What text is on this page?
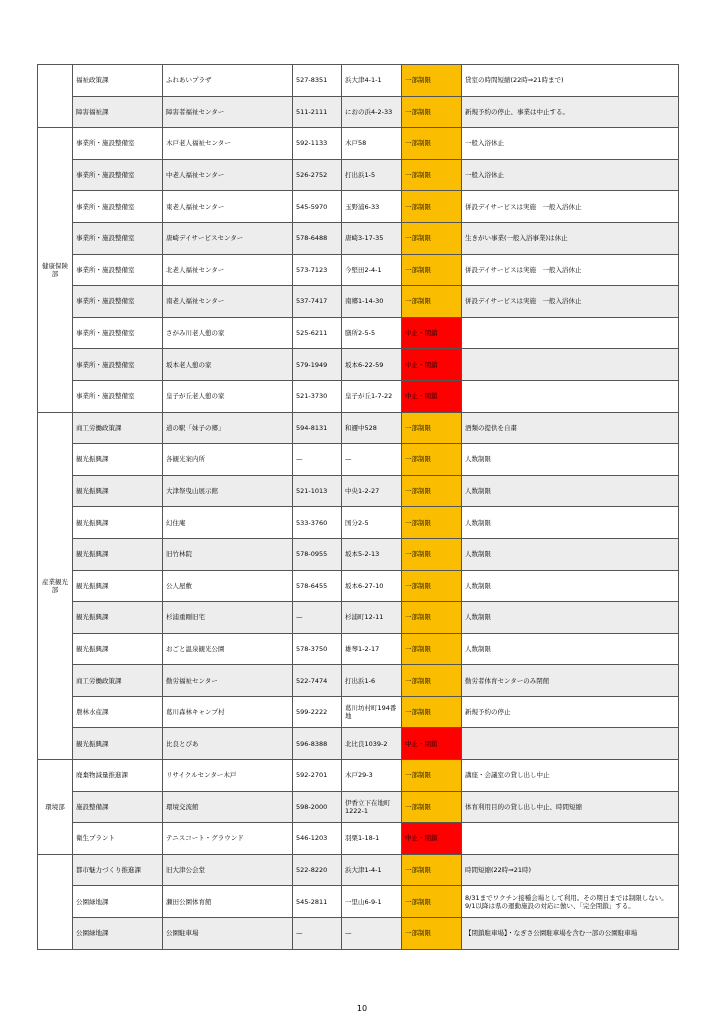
	福祉政策課	ふれあいプラザ	527-8351	浜大津4-1-1	一部制限	貸室の時間短縮(22時⇒21時まで)
	障害福祉課	障害者福祉センター	511-2111	におの浜4-2-33	一部制限	新規予約の停止、事業は中止する。
健康保険部	事業所・施設整備室	木戸老人福祉センター	592-1133	木戸58	一部制限	一般入浴休止
	事業所・施設整備室	中老人福祉センター	526-2752	打出浜1-5	一部制限	一般入浴休止
	事業所・施設整備室	東老人福祉センター	545-5970	玉野浦6-33	一部制限	併設デイサービスは実施　一般入浴休止
	事業所・施設整備室	唐崎デイサービスセンター	578-6488	唐崎3-17-35	一部制限	生きがい事業(一般入浴事業)は休止
	事業所・施設整備室	北老人福祉センター	573-7123	今堅田2-4-1	一部制限	併設デイサービスは実施　一般入浴休止
	事業所・施設整備室	南老人福祉センター	537-7417	南郷1-14-30	一部制限	併設デイサービスは実施　一般入浴休止
	事業所・施設整備室	さがみ川老人憩の家	525-6211	膳所2-5-5	中止・閉鎖	
	事業所・施設整備室	坂本老人憩の家	579-1949	坂本6-22-59	中止・閉鎖	
	事業所・施設整備室	皇子が丘老人憩の家	521-3730	皇子が丘1-7-22	中止・閉鎖	
産業観光部	商工労働政策課	道の駅「妹子の郷」	594-8131	和邇中528	一部制限	酒類の提供を自粛
	観光振興課	各観光案内所	—	—	一部制限	人数制限
	観光振興課	大津祭曳山展示館	521-1013	中央1-2-27	一部制限	人数制限
	観光振興課	幻住庵	533-3760	国分2-5	一部制限	人数制限
	観光振興課	旧竹林院	578-0955	坂本5-2-13	一部制限	人数制限
	観光振興課	公人屋敷	578-6455	坂本6-27-10	一部制限	人数制限
	観光振興課	杉浦重剛旧宅	—	杉浦町12-11	一部制限	人数制限
	観光振興課	おごと温泉観光公園	578-3750	雄琴1-2-17	一部制限	人数制限
	商工労働政策課	勤労福祉センター	522-7474	打出浜1-6	一部制限	勤労者体育センターのみ閉館
	農林水産課	葛川森林キャンプ村	599-2222	葛川坊村町194番地	一部制限	新規予約の停止
	観光振興課	比良とぴあ	596-8388	北比良1039-2	中止・閉鎖	
環境部	廃棄物減量推進課	リサイクルセンター木戸	592-2701	木戸29-3	一部制限	講座・会議室の貸し出し中止
	施設整備課	環境交流館	598-2000	伊香立下在地町1222-1	一部制限	体育利用目的の貸し出し中止、時間短縮
	衛生プラント	テニスコート・グラウンド	546-1203	羽栗1-18-1	中止・閉鎖	
	都市魅力づくり推進課	旧大津公会堂	522-8220	浜大津1-4-1	一部制限	時間短縮(22時⇒21時)
	公園緑地課	瀬田公園体育館	545-2811	一里山6-9-1	一部制限	8/31までワクチン接種会場として利用。その期日までは制限しない。9/1以降は県の運動施設の対応に倣い、「完全閉鎖」する。
	公園緑地課	公園駐車場	—	—	一部制限	【閉鎖駐車場】・なぎさ公園駐車場を含む一部の公園駐車場
10
